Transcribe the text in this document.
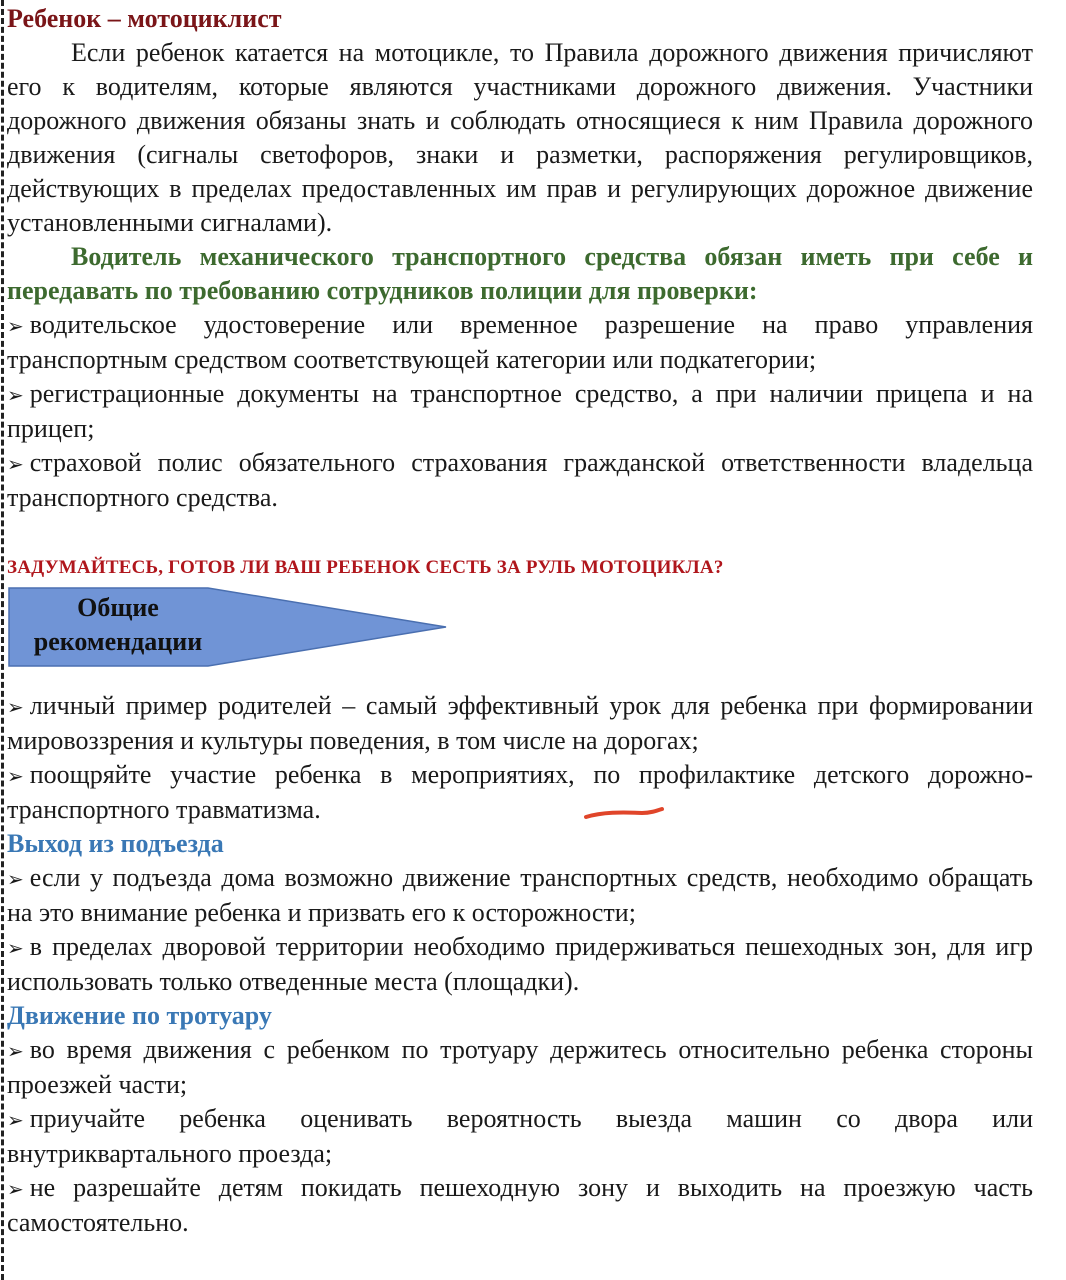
Ребенок – мотоциклист

Если ребенок катается на мотоцикле, то Правила дорожного движения причисляют его к водителям, которые являются участниками дорожного движения. Участники дорожного движения обязаны знать и соблюдать относящиеся к ним Правила дорожного движения (сигналы светофоров, знаки и разметки, распоряжения регулировщиков, действующих в пределах предоставленных им прав и регулирующих дорожное движение установленными сигналами).

Водитель механического транспортного средства обязан иметь при себе и передавать по требованию сотрудников полиции для проверки:

➢ водительское удостоверение или временное разрешение на право управления транспортным средством соответствующей категории или подкатегории;

➢ регистрационные документы на транспортное средство, а при наличии прицепа и на прицеп;

➢ страховой полис обязательного страхования гражданской ответственности владельца транспортного средства.

ЗАДУМАЙТЕСЬ, ГОТОВ ЛИ ВАШ РЕБЕНОК СЕСТЬ ЗА РУЛЬ МОТОЦИКЛА?

Общие
рекомендации

➢ личный пример родителей – самый эффективный урок для ребенка при формировании мировоззрения и культуры поведения, в том числе на дорогах;

➢ поощряйте участие ребенка в мероприятиях, по профилактике детского дорожно-транспортного травматизма.

Выход из подъезда

➢ если у подъезда дома возможно движение транспортных средств, необходимо обращать на это внимание ребенка и призвать его к осторожности;

➢ в пределах дворовой территории необходимо придерживаться пешеходных зон, для игр использовать только отведенные места (площадки).

Движение по тротуару

➢ во время движения с ребенком по тротуару держитесь относительно ребенка стороны проезжей части;

➢ приучайте ребенка оценивать вероятность выезда машин со двора или внутриквартального проезда;

➢ не разрешайте детям покидать пешеходную зону и выходить на проезжую часть самостоятельно.
